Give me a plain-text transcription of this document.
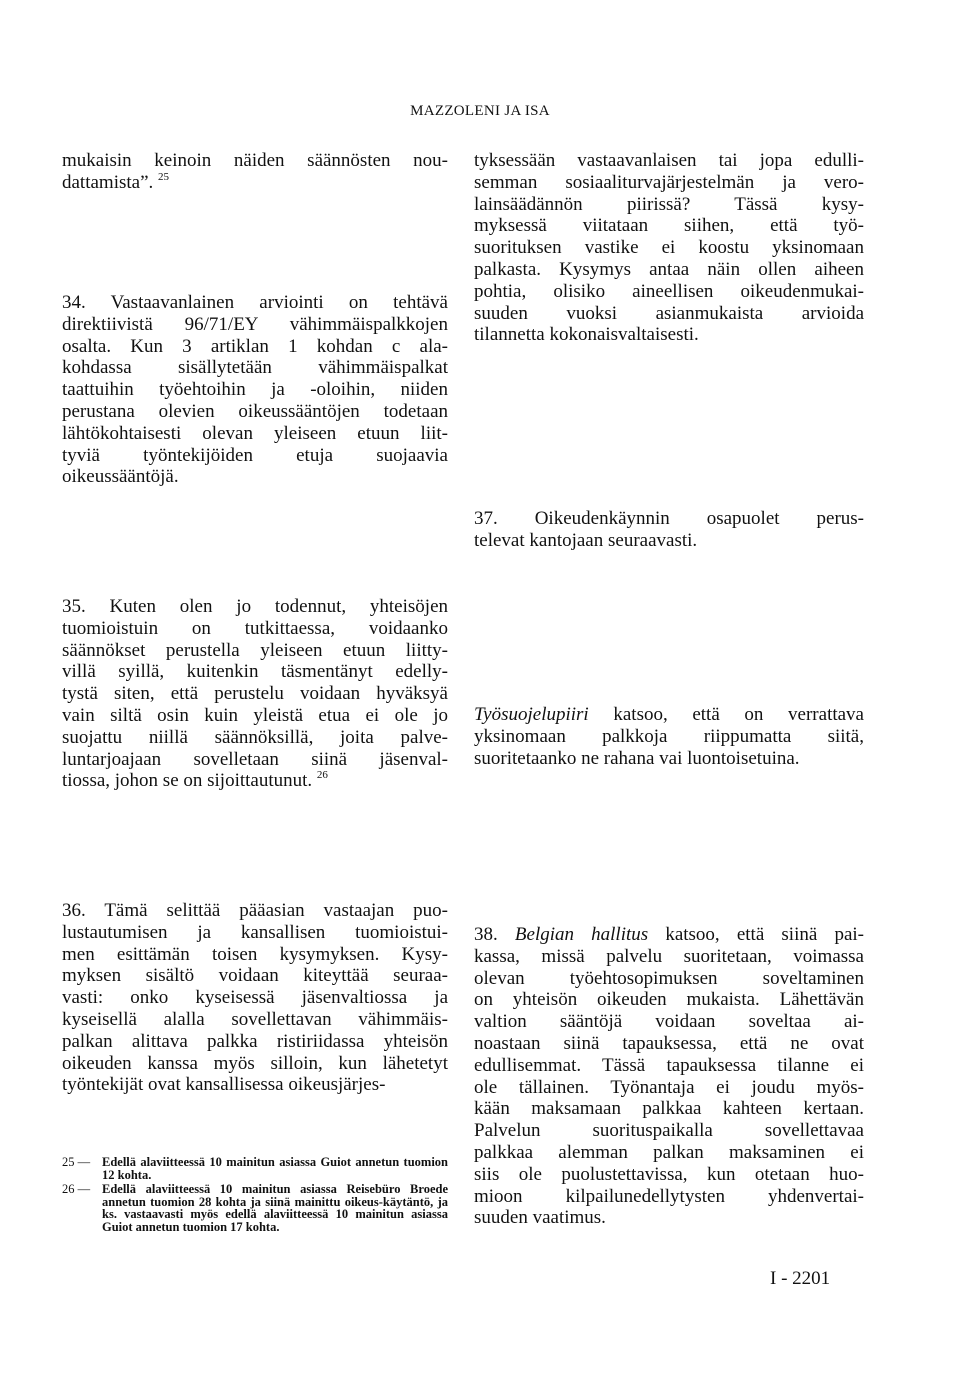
MAZZOLENI JA ISA
mukaisin keinoin näiden säännösten nou-
dattamista”. $^{25}$
34. Vastaavanlainen arviointi on tehtävä
direktiivistä 96/71/EY vähimmäispalkkojen
osalta. Kun 3 artiklan 1 kohdan c ala-
kohdassa sisällytetään vähimmäispalkat
taattuihin työehtoihin ja -oloihin, niiden
perustana olevien oikeussääntöjen todetaan
lähtökohtaisesti olevan yleiseen etuun liit-
tyviä työntekijöiden etuja suojaavia
oikeussääntöjä.
35. Kuten olen jo todennut, yhteisöjen
tuomioistuin on tutkittaessa, voidaanko
säännökset perustella yleiseen etuun liitty-
villä syillä, kuitenkin täsmentänyt edelly-
tystä siten, että perustelu voidaan hyväksyä
vain siltä osin kuin yleistä etua ei ole jo
suojattu niillä säännöksillä, joita palve-
luntarjoajaan sovelletaan siinä jäsenval-
tiossa, johon se on sijoittautunut. $^{26}$
36. Tämä selittää pääasian vastaajan puo-
lustautumisen ja kansallisen tuomioistui-
men esittämän toisen kysymyksen. Kysy-
myksen sisältö voidaan kiteyttää seuraa-
vasti: onko kyseisessä jäsenvaltiossa ja
kyseisellä alalla sovellettavan vähimmäis-
palkan alittava palkka ristiriidassa yhteisön
oikeuden kanssa myös silloin, kun lähetetyt
työntekijät ovat kansallisessa oikeusjärjes-
tyksessään vastaavanlaisen tai jopa edulli-
semman sosiaaliturvajärjestelmän ja vero-
lainsäädännön piirissä? Tässä kysy-
myksessä viitataan siihen, että työ-
suorituksen vastike ei koostu yksinomaan
palkasta. Kysymys antaa näin ollen aiheen
pohtia, olisiko aineellisen oikeudenmukai-
suuden vuoksi asianmukaista arvioida
tilannetta kokonaisvaltaisesti.
37. Oikeudenkäynnin osapuolet perus-
televat kantojaan seuraavasti.
Työsuojelupiiri katsoo, että on verrattava
yksinomaan palkkoja riippumatta siitä,
suoritetaanko ne rahana vai luontoisetuina.
38. Belgian hallitus katsoo, että siinä pai-
kassa, missä palvelu suoritetaan, voimassa
olevan työehtosopimuksen soveltaminen
on yhteisön oikeuden mukaista. Lähettävän
valtion sääntöjä voidaan soveltaa ai-
noastaan siinä tapauksessa, että ne ovat
edullisemmat. Tässä tapauksessa tilanne ei
ole tällainen. Työnantaja ei joudu myös-
kään maksamaan palkkaa kahteen kertaan.
Palvelun suorituspaikalla sovellettavaa
palkkaa alemman palkan maksaminen ei
siis ole puolustettavissa, kun otetaan huo-
mioon kilpailunedellytysten yhdenvertai-
suuden vaatimus.
25 — Edellä alaviitteessä 10 mainitun asiassa Guiot annetun tuomion 12 kohta.
26 — Edellä alaviitteessä 10 mainitun asiassa Reisebüro Broede annetun tuomion 28 kohta ja siinä mainittu oikeus-käytäntö, ja ks. vastaavasti myös edellä alaviitteessä 10 mainitun asiassa Guiot annetun tuomion 17 kohta.
I - 2201
